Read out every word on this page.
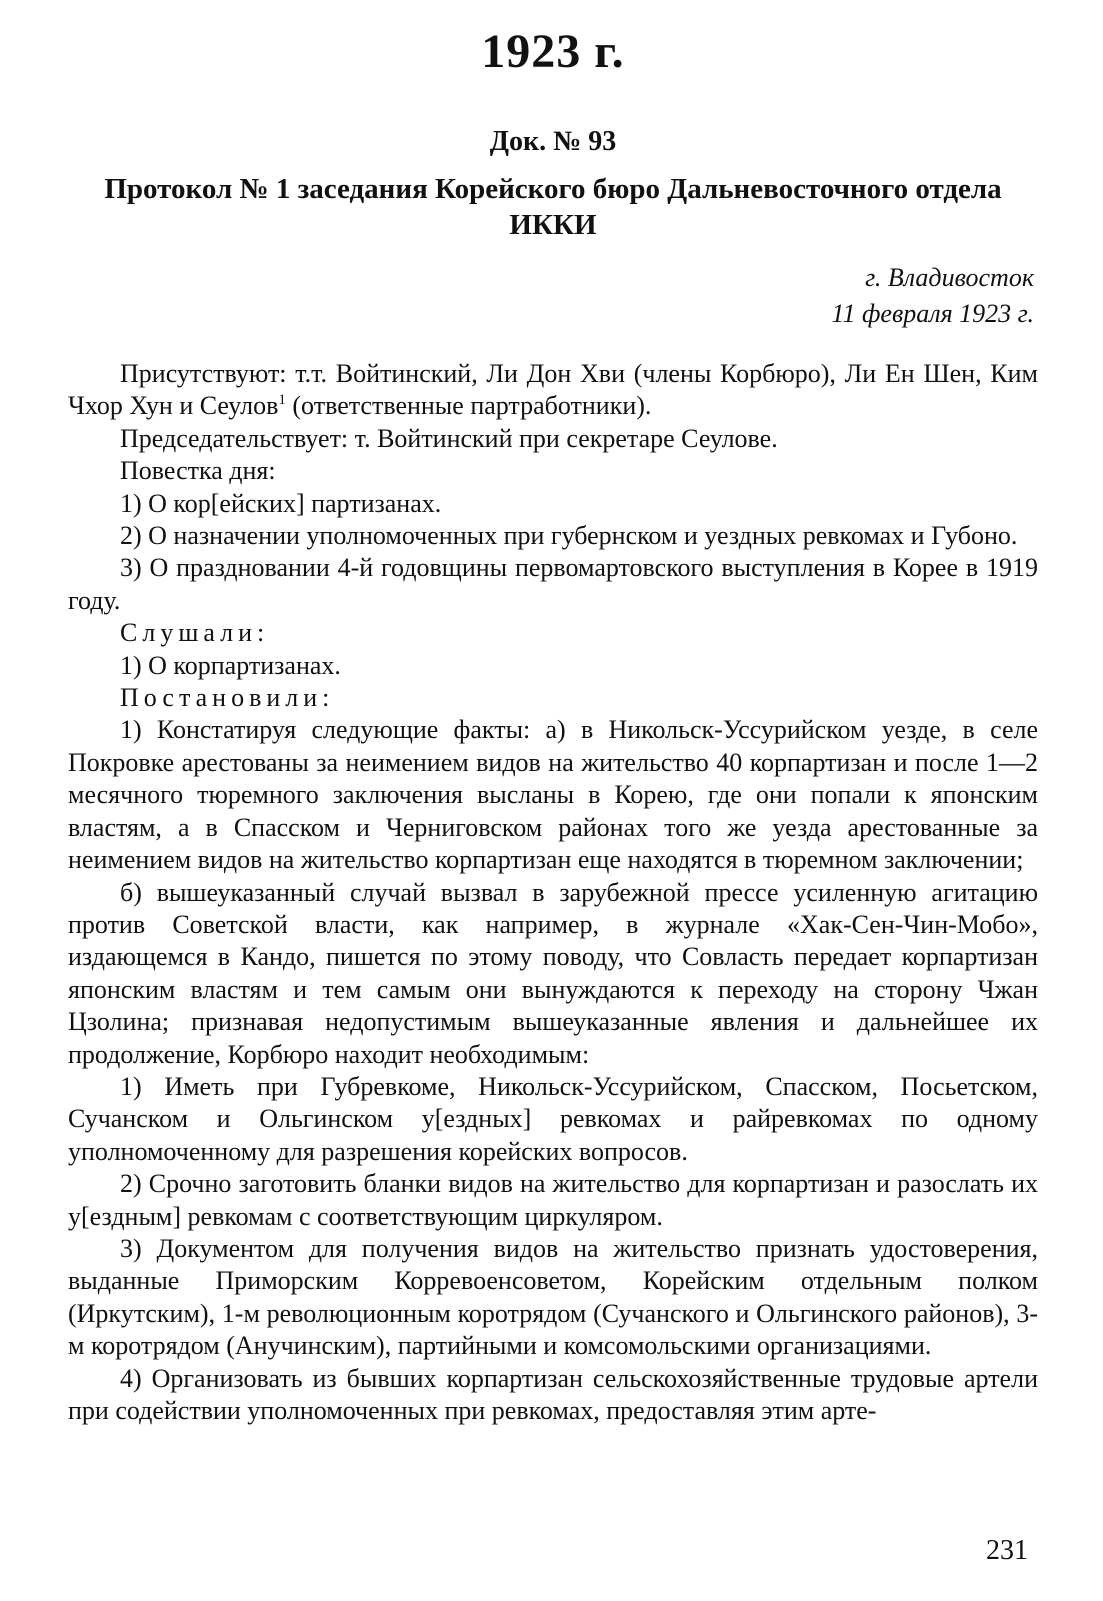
1923 г.
Док. № 93
Протокол № 1 заседания Корейского бюро Дальневосточного отдела
ИККИ
г. Владивосток
11 февраля 1923 г.

Присутствуют: т.т. Войтинский, Ли Дон Хви (члены Корбюро), Ли Ен Шен, Ким Чхор Хун и Сеулов$^1$ (ответственные партработники).

Председательствует: т. Войтинский при секретаре Сеулове.

Повестка дня:

1) О кор[ейских] партизанах.

2) О назначении уполномоченных при губернском и уездных ревкомах и Губоно.

3) О праздновании 4-й годовщины первомартовского выступления в Корее в 1919 году.

Слушали:

1) О корпартизанах.

Постановили:

1) Констатируя следующие факты: а) в Никольск-Уссурийском уезде, в селе Покровке арестованы за неимением видов на жительство 40 корпартизан и после 1—2 месячного тюремного заключения высланы в Корею, где они попали к японским властям, а в Спасском и Черниговском районах того же уезда арестованные за неимением видов на жительство корпартизан еще находятся в тюремном заключении;

б) вышеуказанный случай вызвал в зарубежной прессе усиленную агитацию против Советской власти, как например, в журнале «Хак-Сен-Чин-Мобо», издающемся в Кандо, пишется по этому поводу, что Совласть передает корпартизан японским властям и тем самым они вынуждаются к переходу на сторону Чжан Цзолина; признавая недопустимым вышеуказанные явления и дальнейшее их продолжение, Корбюро находит необходимым:

1) Иметь при Губревкоме, Никольск-Уссурийском, Спасском, Посьетском, Сучанском и Ольгинском у[ездных] ревкомах и райревкомах по одному уполномоченному для разрешения корейских вопросов.

2) Срочно заготовить бланки видов на жительство для корпартизан и разослать их у[ездным] ревкомам с соответствующим циркуляром.

3) Документом для получения видов на жительство признать удостоверения, выданные Приморским Корревоенсоветом, Корейским отдельным полком (Иркутским), 1-м революционным коротрядом (Сучанского и Ольгинского районов), 3-м коротрядом (Анучинским), партийными и комсомольскими организациями.

4) Организовать из бывших корпартизан сельскохозяйственные трудовые артели при содействии уполномоченных при ревкомах, предоставляя этим арте-

231
